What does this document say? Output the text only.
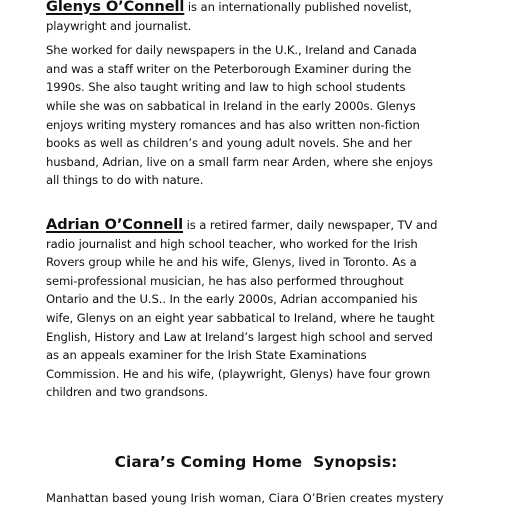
Glenys O’Connell is an internationally published novelist,
playwright and journalist.
She worked for daily newspapers in the U.K., Ireland and Canada
and was a staff writer on the Peterborough Examiner during the
1990s. She also taught writing and law to high school students
while she was on sabbatical in Ireland in the early 2000s. Glenys
enjoys writing mystery romances and has also written non-fiction
books as well as children’s and young adult novels. She and her
husband, Adrian, live on a small farm near Arden, where she enjoys
all things to do with nature.
Adrian O’Connell is a retired farmer, daily newspaper, TV and
radio journalist and high school teacher, who worked for the Irish
Rovers group while he and his wife, Glenys, lived in Toronto. As a
semi-professional musician, he has also performed throughout
Ontario and the U.S.. In the early 2000s, Adrian accompanied his
wife, Glenys on an eight year sabbatical to Ireland, where he taught
English, History and Law at Ireland’s largest high school and served
as an appeals examiner for the Irish State Examinations
Commission. He and his wife, (playwright, Glenys) have four grown
children and two grandsons.
Ciara’s Coming Home  Synopsis:
Manhattan based young Irish woman, Ciara O’Brien creates mystery
